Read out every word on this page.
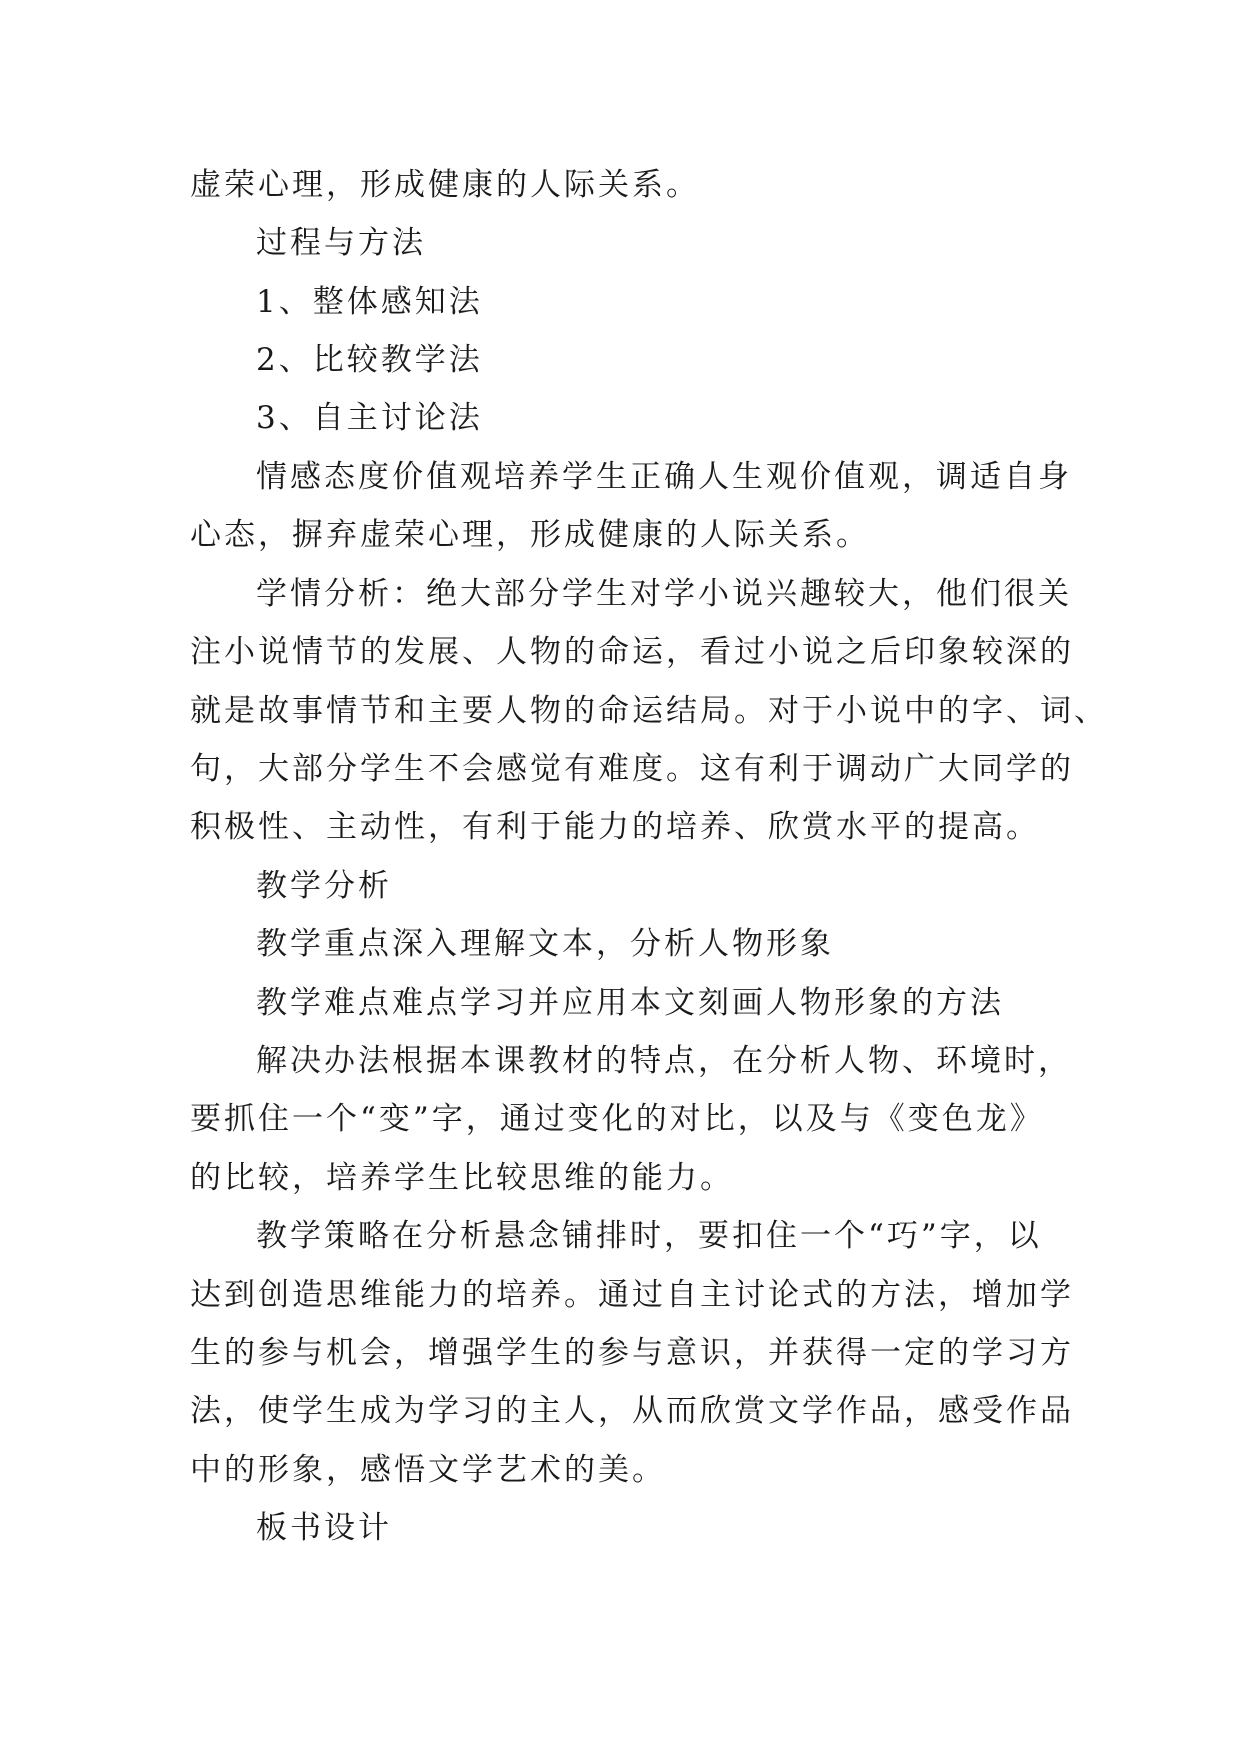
虚荣心理，形成健康的人际关系。
过程与方法
1、整体感知法
2、比较教学法
3、自主讨论法
情感态度价值观培养学生正确人生观价值观，调适自身
心态，摒弃虚荣心理，形成健康的人际关系。
学情分析：绝大部分学生对学小说兴趣较大，他们很关
注小说情节的发展、人物的命运，看过小说之后印象较深的
就是故事情节和主要人物的命运结局。对于小说中的字、词、
句，大部分学生不会感觉有难度。这有利于调动广大同学的
积极性、主动性，有利于能力的培养、欣赏水平的提高。
教学分析
教学重点深入理解文本，分析人物形象
教学难点难点学习并应用本文刻画人物形象的方法
解决办法根据本课教材的特点，在分析人物、环境时，
要抓住一个“变”字，通过变化的对比，以及与《变色龙》
的比较，培养学生比较思维的能力。
教学策略在分析悬念铺排时，要扣住一个“巧”字，以
达到创造思维能力的培养。通过自主讨论式的方法，增加学
生的参与机会，增强学生的参与意识，并获得一定的学习方
法，使学生成为学习的主人，从而欣赏文学作品，感受作品
中的形象，感悟文学艺术的美。
板书设计
